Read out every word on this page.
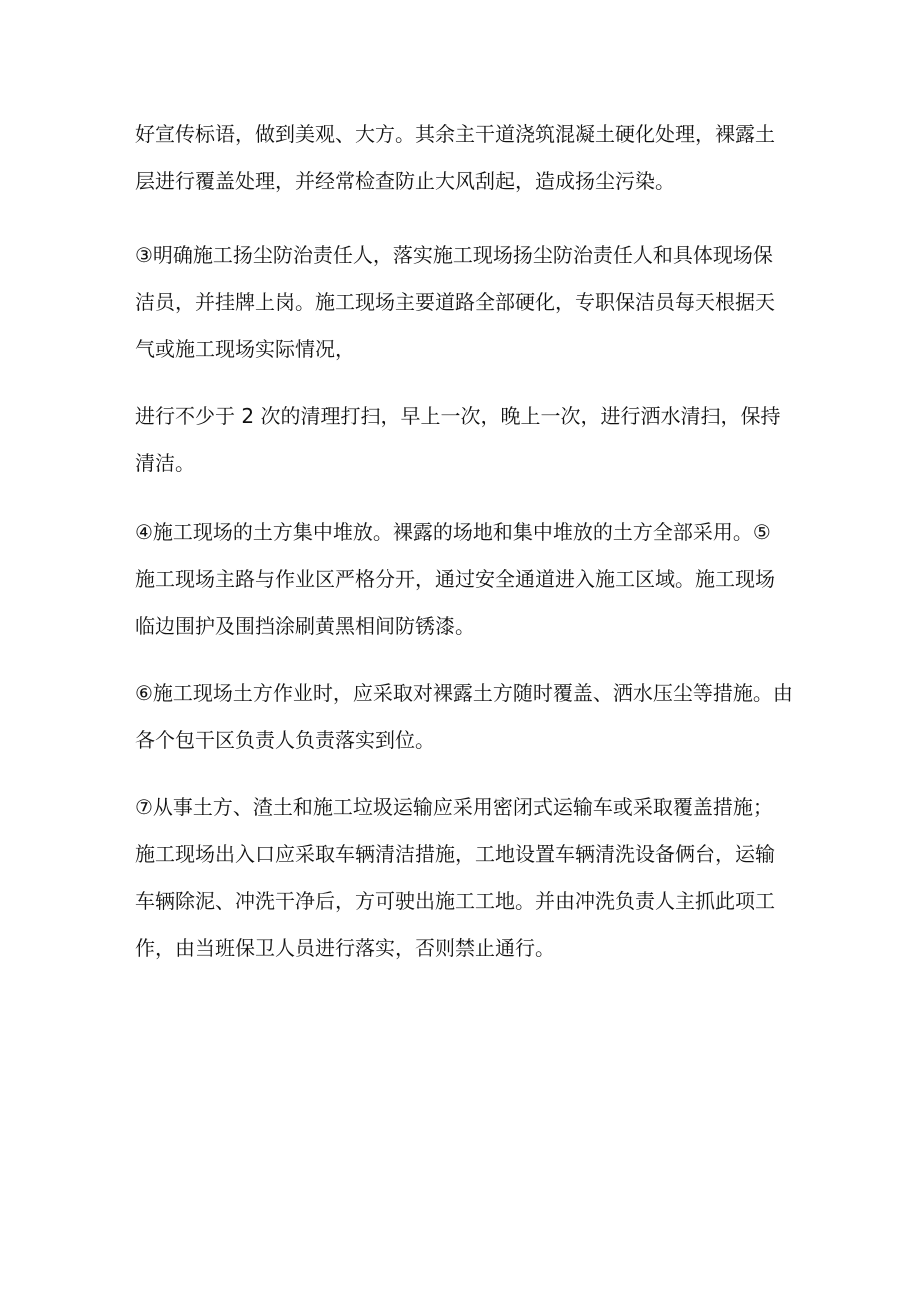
好宣传标语，做到美观、大方。其余主干道浇筑混凝土硬化处理，裸露土
层进行覆盖处理，并经常检查防止大风刮起，造成扬尘污染。
③明确施工扬尘防治责任人，落实施工现场扬尘防治责任人和具体现场保
洁员，并挂牌上岗。施工现场主要道路全部硬化，专职保洁员每天根据天
气或施工现场实际情况，
进行不少于 2 次的清理打扫，早上一次，晚上一次，进行洒水清扫，保持
清洁。
④施工现场的土方集中堆放。裸露的场地和集中堆放的土方全部采用。⑤
施工现场主路与作业区严格分开，通过安全通道进入施工区域。施工现场
临边围护及围挡涂刷黄黑相间防锈漆。
⑥施工现场土方作业时，应采取对裸露土方随时覆盖、洒水压尘等措施。由
各个包干区负责人负责落实到位。
⑦从事土方、渣土和施工垃圾运输应采用密闭式运输车或采取覆盖措施；
施工现场出入口应采取车辆清洁措施，工地设置车辆清洗设备俩台，运输
车辆除泥、冲洗干净后，方可驶出施工工地。并由冲洗负责人主抓此项工
作，由当班保卫人员进行落实，否则禁止通行。
